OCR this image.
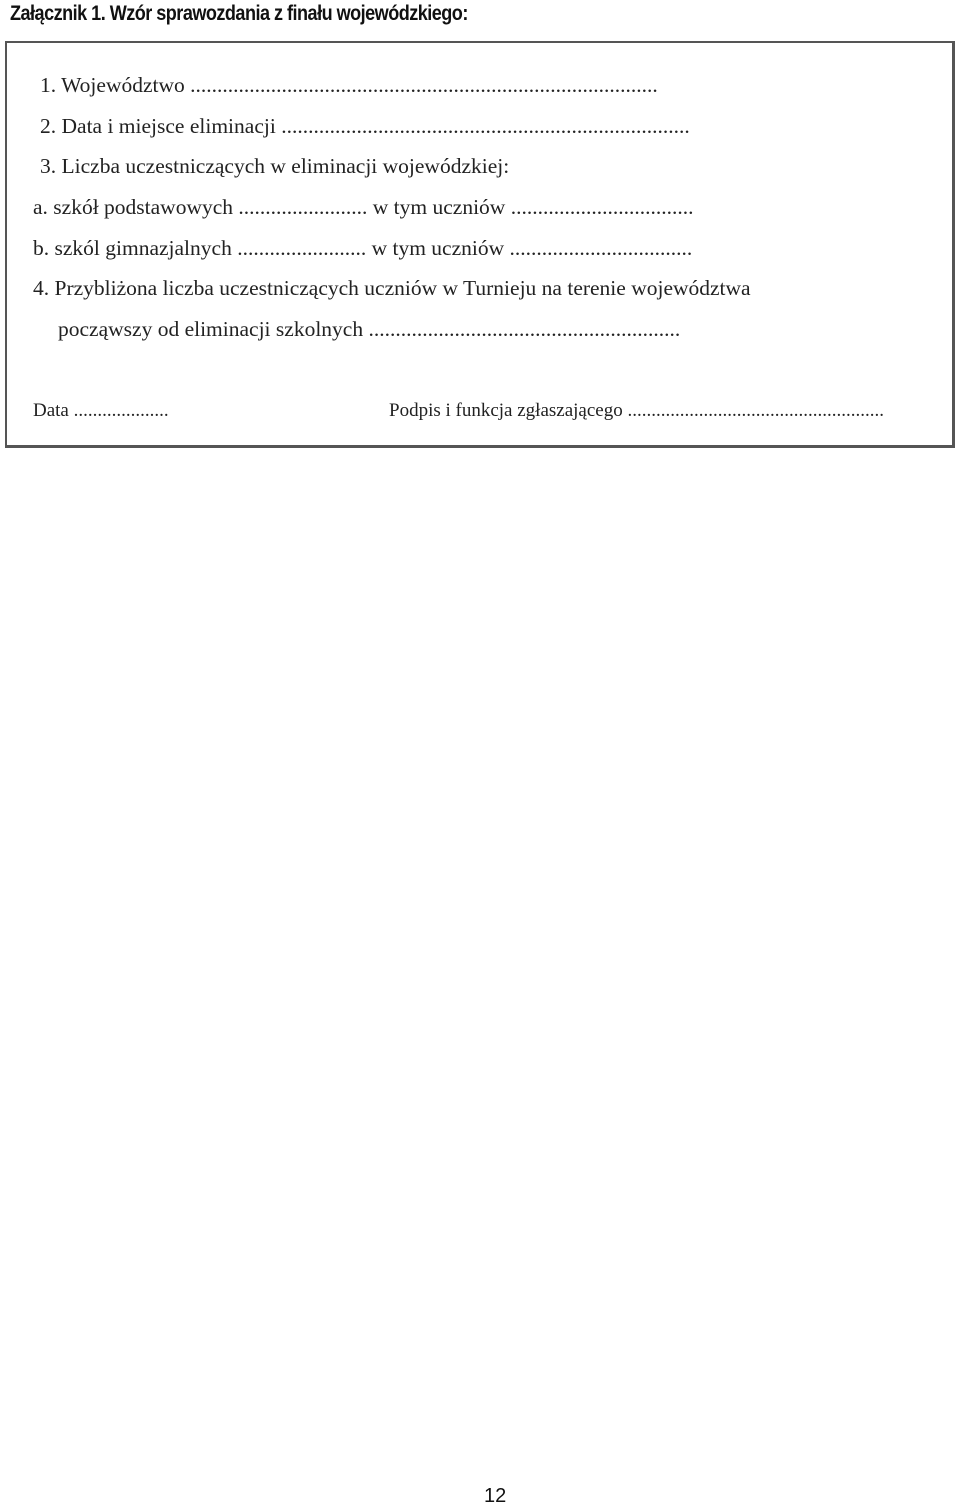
Załącznik 1. Wzór sprawozdania z finału wojewódzkiego:
1. Województwo .......................................................................................
2. Data i miejsce eliminacji ............................................................................
3. Liczba uczestniczących w eliminacji wojewódzkiej:
a. szkół podstawowych ........................ w tym uczniów ..................................
b. szkól gimnazjalnych ........................ w tym uczniów ..................................
4. Przybliżona liczba uczestniczących uczniów w Turnieju na terenie województwa
począwszy od eliminacji szkolnych ..........................................................
Data ....................	Podpis i funkcja zgłaszającego ......................................................
12
